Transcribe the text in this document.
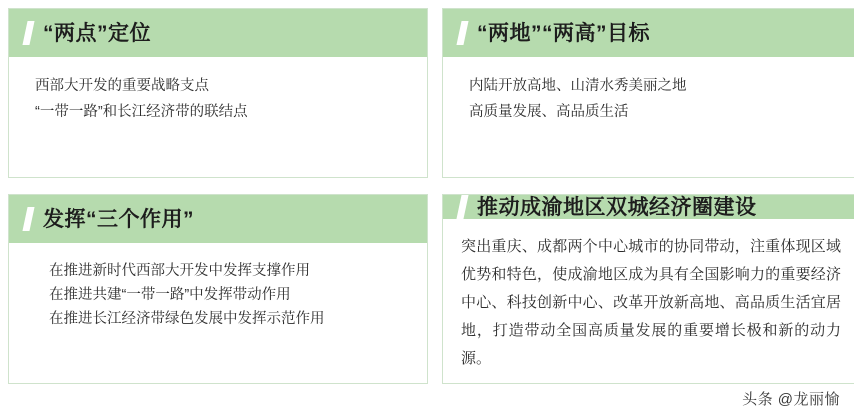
“两点”定位
西部大开发的重要战略支点
“一带一路”和长江经济带的联结点
“两地”“两高”目标
内陆开放高地、山清水秀美丽之地
高质量发展、高品质生活
发挥“三个作用”
在推进新时代西部大开发中发挥支撑作用
在推进共建“一带一路”中发挥带动作用
在推进长江经济带绿色发展中发挥示范作用
推动成渝地区双城经济圈建设
突出重庆、成都两个中心城市的协同带动，注重体现区域优势和特色，使成渝地区成为具有全国影响力的重要经济中心、科技创新中心、改革开放新高地、高品质生活宜居地，打造带动全国高质量发展的重要增长极和新的动力源。
头条 @龙丽愉
